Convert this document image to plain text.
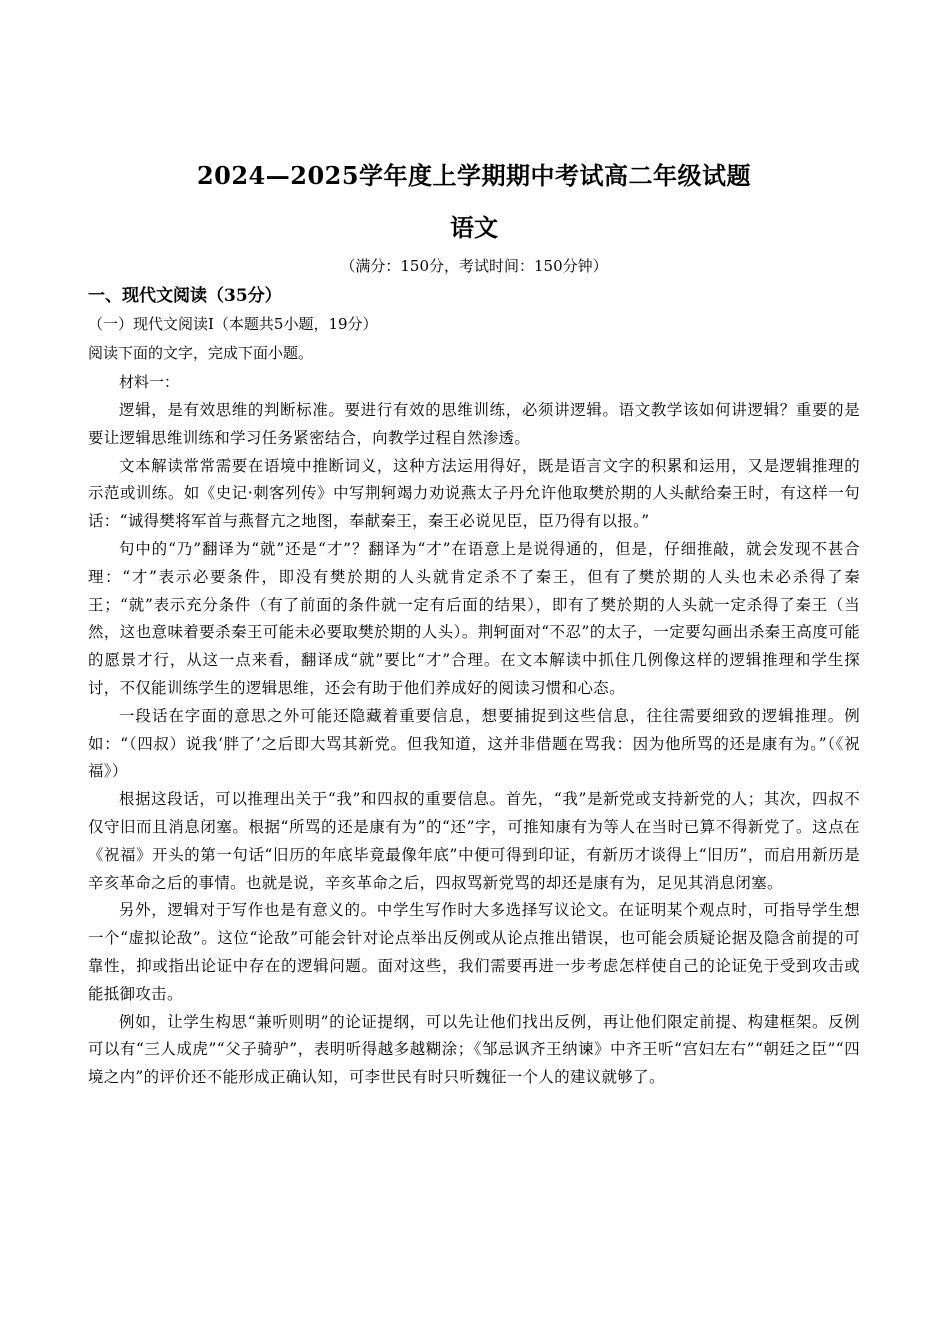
2024—2025学年度上学期期中考试高二年级试题
语文

（满分：150分，考试时间：150分钟）

一、现代文阅读（35分）

（一）现代文阅读Ⅰ（本题共5小题，19分）

阅读下面的文字，完成下面小题。

材料一：

逻辑，是有效思维的判断标准。要进行有效的思维训练，必须讲逻辑。语文教学该如何讲逻辑？重要的是要让逻辑思维训练和学习任务紧密结合，向教学过程自然渗透。

文本解读常常需要在语境中推断词义，这种方法运用得好，既是语言文字的积累和运用，又是逻辑推理的示范或训练。如《史记·刺客列传》中写荆轲竭力劝说燕太子丹允许他取樊於期的人头献给秦王时，有这样一句话：“诚得樊将军首与燕督亢之地图，奉献秦王，秦王必说见臣，臣乃得有以报。”

句中的“乃”翻译为“就”还是“才”？翻译为“才”在语意上是说得通的，但是，仔细推敲，就会发现不甚合理：“才”表示必要条件，即没有樊於期的人头就肯定杀不了秦王，但有了樊於期的人头也未必杀得了秦王；“就”表示充分条件（有了前面的条件就一定有后面的结果），即有了樊於期的人头就一定杀得了秦王（当然，这也意味着要杀秦王可能未必要取樊於期的人头）。荆轲面对“不忍”的太子，一定要勾画出杀秦王高度可能的愿景才行，从这一点来看，翻译成“就”要比“才”合理。在文本解读中抓住几例像这样的逻辑推理和学生探讨，不仅能训练学生的逻辑思维，还会有助于他们养成好的阅读习惯和心态。

一段话在字面的意思之外可能还隐藏着重要信息，想要捕捉到这些信息，往往需要细致的逻辑推理。例如：“（四叔）说我‘胖了’之后即大骂其新党。但我知道，这并非借题在骂我：因为他所骂的还是康有为。”（《祝福》）

根据这段话，可以推理出关于“我”和四叔的重要信息。首先，“我”是新党或支持新党的人；其次，四叔不仅守旧而且消息闭塞。根据“所骂的还是康有为”的“还”字，可推知康有为等人在当时已算不得新党了。这点在《祝福》开头的第一句话“旧历的年底毕竟最像年底”中便可得到印证，有新历才谈得上“旧历”，而启用新历是辛亥革命之后的事情。也就是说，辛亥革命之后，四叔骂新党骂的却还是康有为，足见其消息闭塞。

另外，逻辑对于写作也是有意义的。中学生写作时大多选择写议论文。在证明某个观点时，可指导学生想一个“虚拟论敌”。这位“论敌”可能会针对论点举出反例或从论点推出错误，也可能会质疑论据及隐含前提的可靠性，抑或指出论证中存在的逻辑问题。面对这些，我们需要再进一步考虑怎样使自己的论证免于受到攻击或能抵御攻击。

例如，让学生构思“兼听则明”的论证提纲，可以先让他们找出反例，再让他们限定前提、构建框架。反例可以有“三人成虎”“父子骑驴”，表明听得越多越糊涂；《邹忌讽齐王纳谏》中齐王听“宫妇左右”“朝廷之臣”“四境之内”的评价还不能形成正确认知，可李世民有时只听魏征一个人的建议就够了。
